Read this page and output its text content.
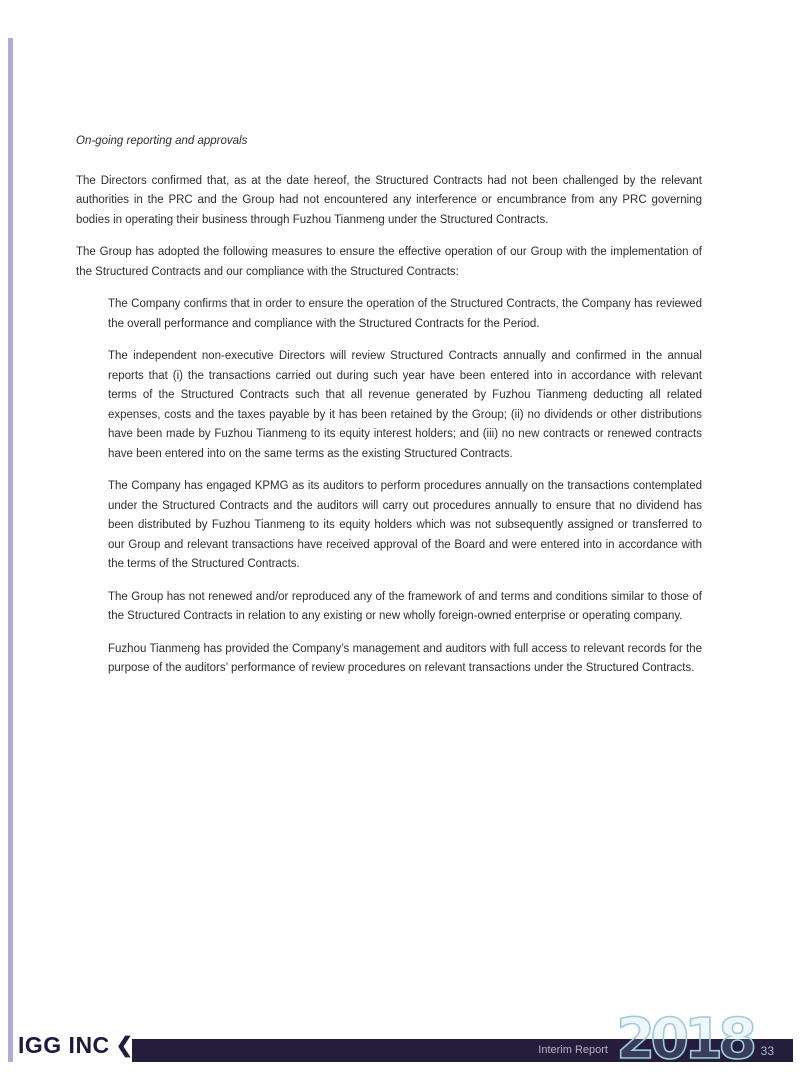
On-going reporting and approvals

The Directors confirmed that, as at the date hereof, the Structured Contracts had not been challenged by the relevant authorities in the PRC and the Group had not encountered any interference or encumbrance from any PRC governing bodies in operating their business through Fuzhou Tianmeng under the Structured Contracts.

The Group has adopted the following measures to ensure the effective operation of our Group with the implementation of the Structured Contracts and our compliance with the Structured Contracts:

The Company confirms that in order to ensure the operation of the Structured Contracts, the Company has reviewed the overall performance and compliance with the Structured Contracts for the Period.

The independent non-executive Directors will review Structured Contracts annually and confirmed in the annual reports that (i) the transactions carried out during such year have been entered into in accordance with relevant terms of the Structured Contracts such that all revenue generated by Fuzhou Tianmeng deducting all related expenses, costs and the taxes payable by it has been retained by the Group; (ii) no dividends or other distributions have been made by Fuzhou Tianmeng to its equity interest holders; and (iii) no new contracts or renewed contracts have been entered into on the same terms as the existing Structured Contracts.

The Company has engaged KPMG as its auditors to perform procedures annually on the transactions contemplated under the Structured Contracts and the auditors will carry out procedures annually to ensure that no dividend has been distributed by Fuzhou Tianmeng to its equity holders which was not subsequently assigned or transferred to our Group and relevant transactions have received approval of the Board and were entered into in accordance with the terms of the Structured Contracts.

The Group has not renewed and/or reproduced any of the framework of and terms and conditions similar to those of the Structured Contracts in relation to any existing or new wholly foreign-owned enterprise or operating company.

Fuzhou Tianmeng has provided the Company’s management and auditors with full access to relevant records for the purpose of the auditors’ performance of review procedures on relevant transactions under the Structured Contracts.

IGG INC ❮	Interim Report 2018 33
